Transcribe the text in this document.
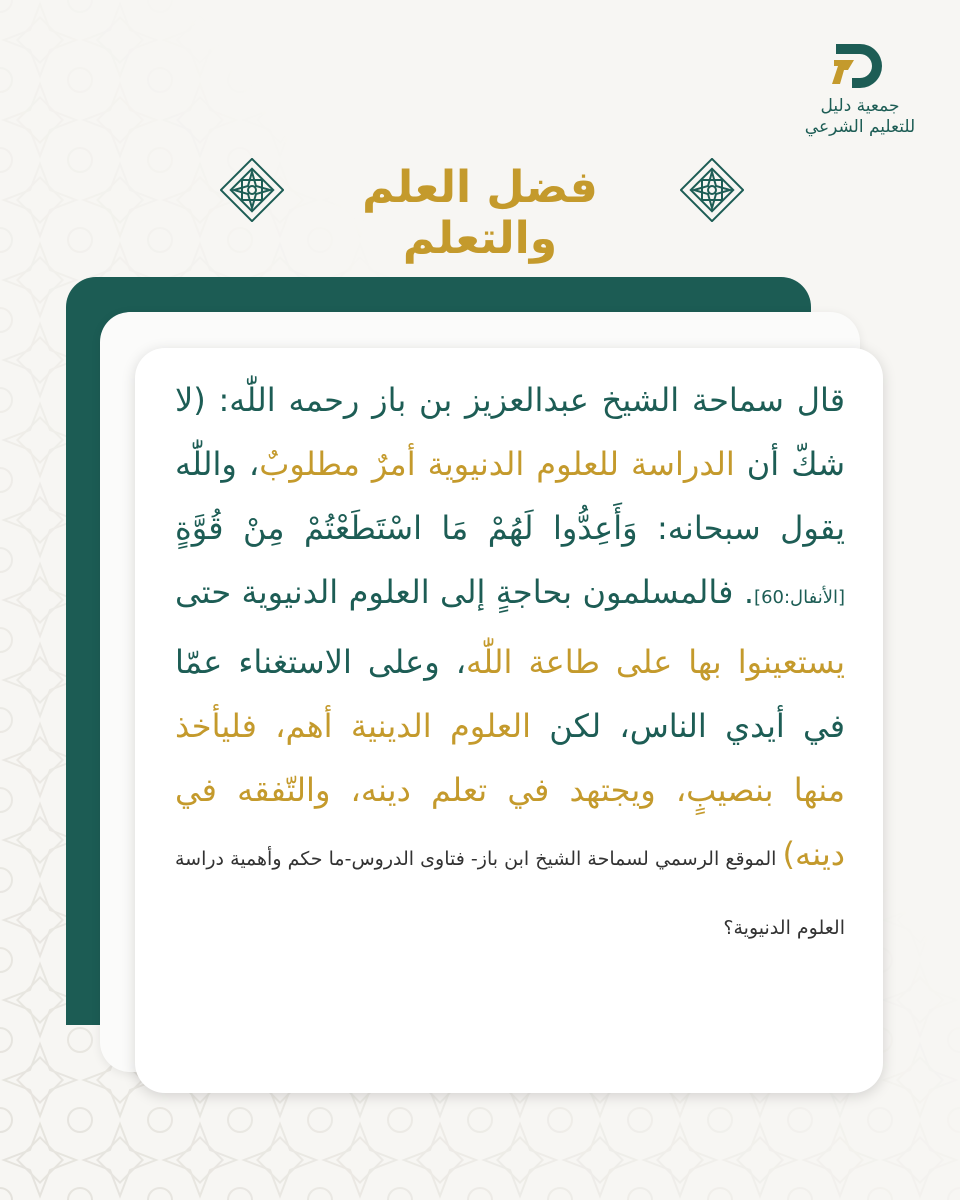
جمعية دليل
للتعليم الشرعي
فضل العلم والتعلم
قال سماحة الشيخ عبدالعزيز بن باز رحمه اللّٰه: (لا شكّ أن الدراسة للعلوم الدنيوية أمرٌ مطلوبٌ، واللّٰه يقول سبحانه: وَأَعِدُّوا لَهُمْ مَا اسْتَطَعْتُمْ مِنْ قُوَّةٍ [الأنفال:60]. فالمسلمون بحاجةٍ إلى العلوم الدنيوية حتى يستعينوا بها على طاعة اللّٰه، وعلى الاستغناء عمّا في أيدي الناس، لكن العلوم الدينية أهم، فليأخذ منها بنصيبٍ، ويجتهد في تعلم دينه، والتّفقه في دينه) الموقع الرسمي لسماحة الشيخ ابن باز- فتاوى الدروس-ما حكم وأهمية دراسة العلوم الدنيوية؟
